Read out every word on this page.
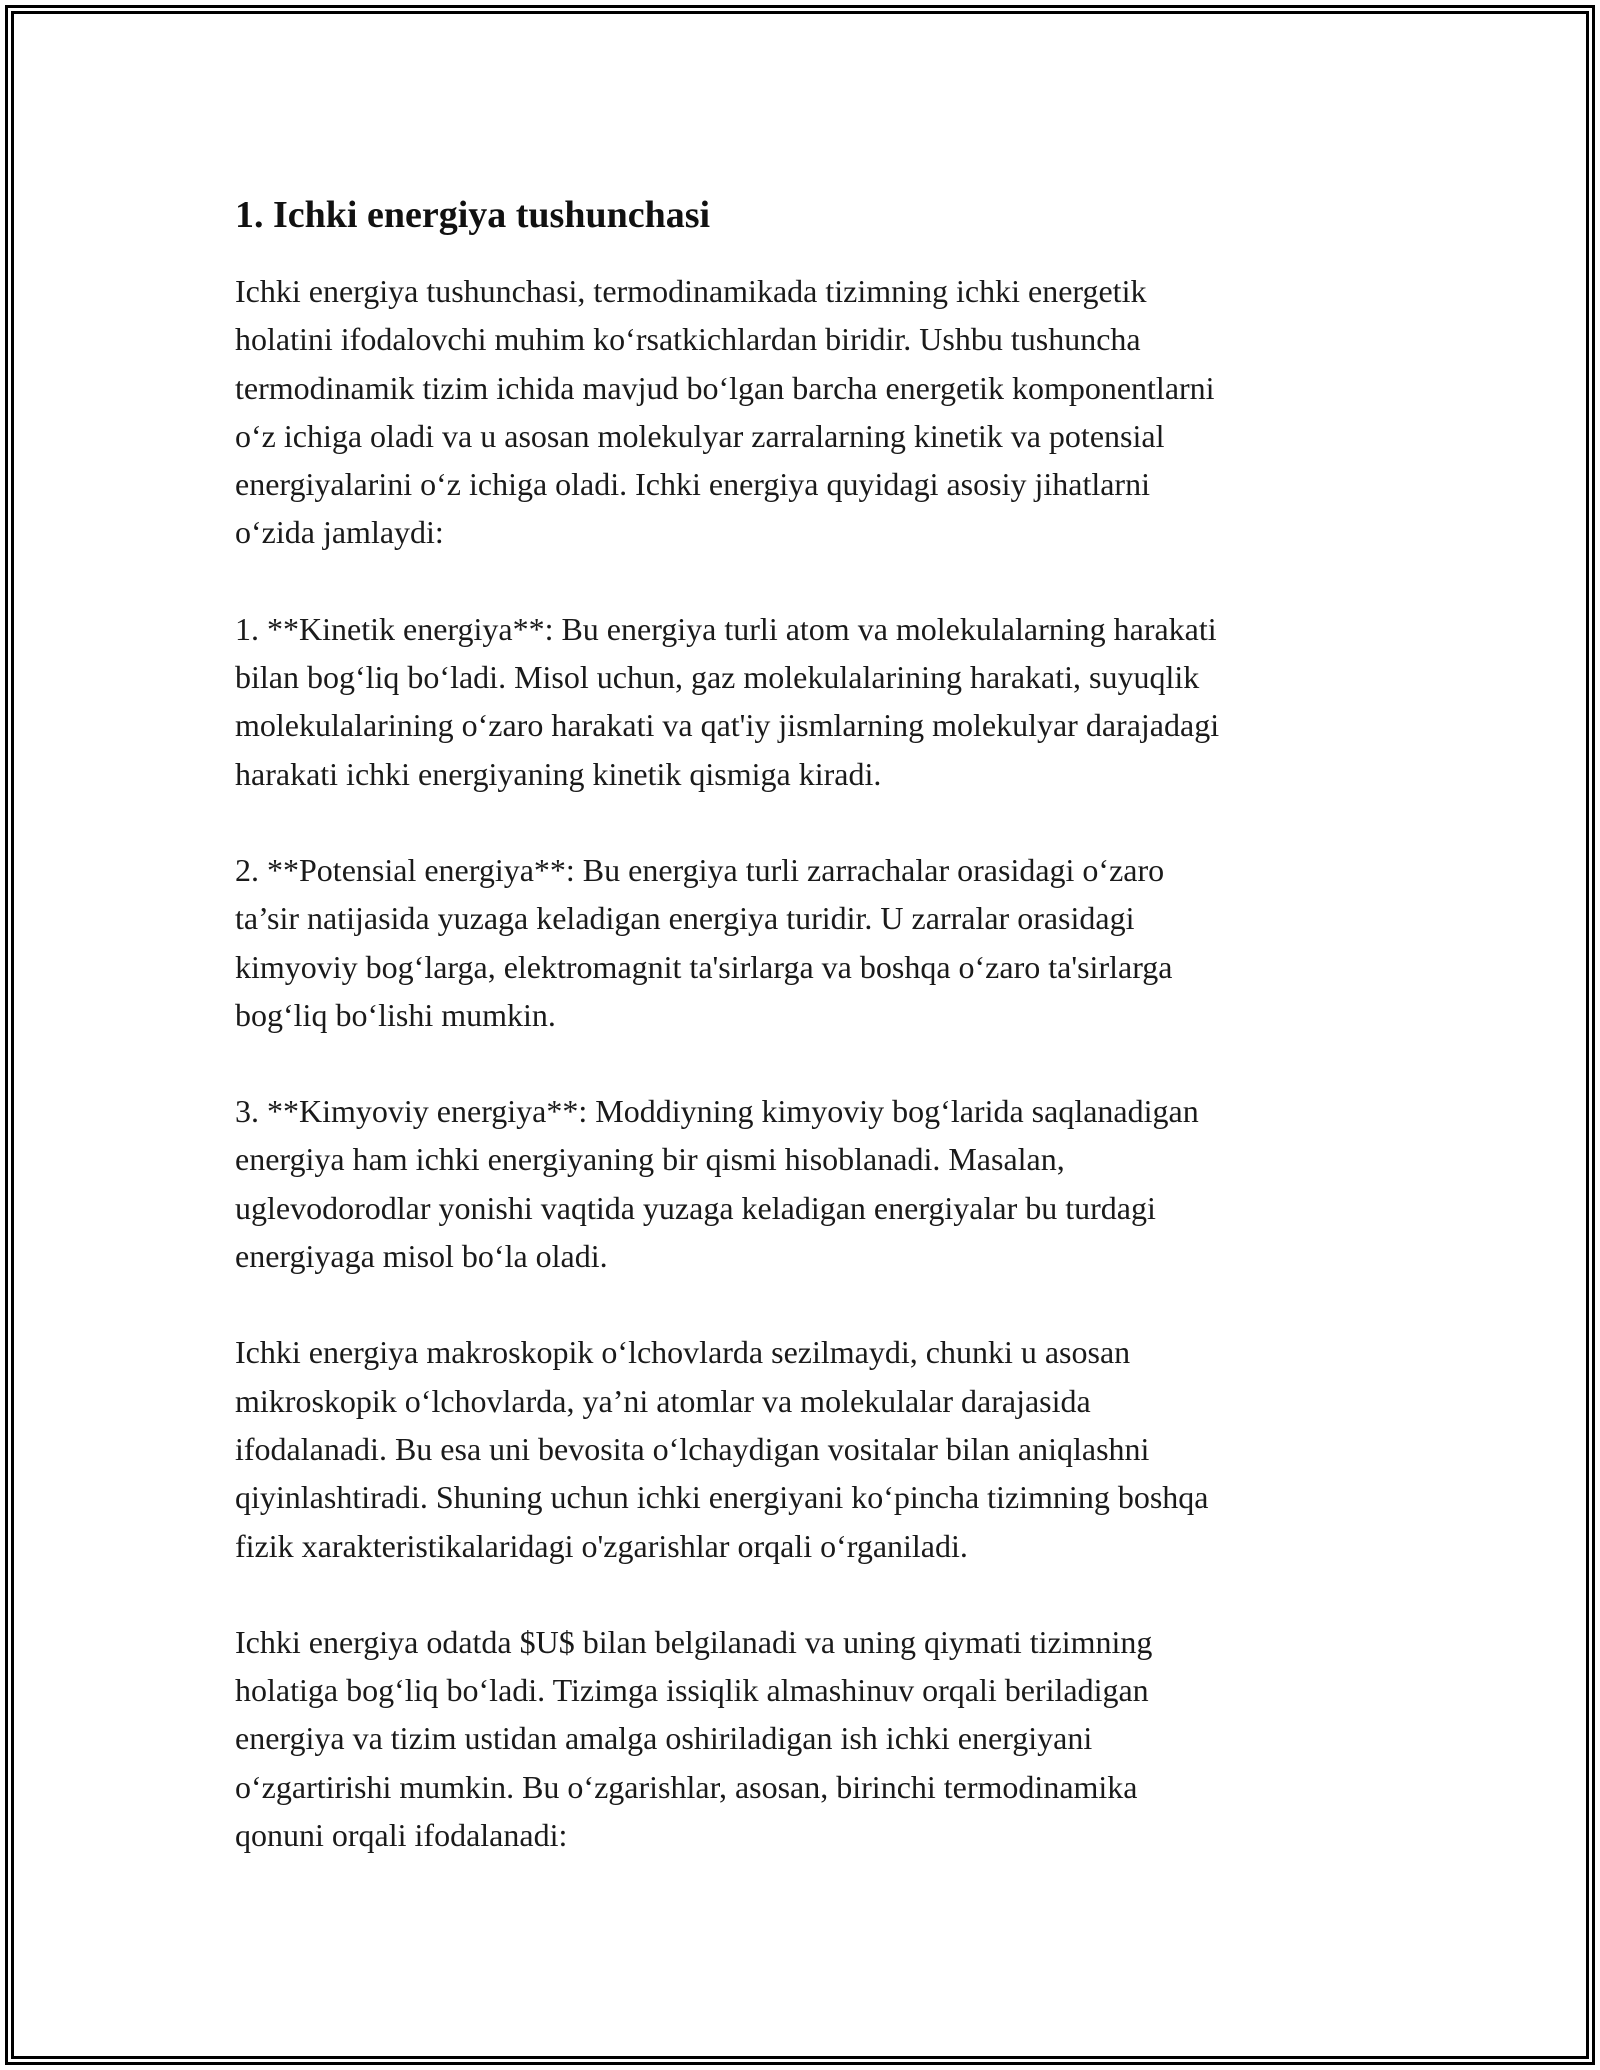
1. Ichki energiya tushunchasi

Ichki energiya tushunchasi, termodinamikada tizimning ichki energetik
holatini ifodalovchi muhim koʻrsatkichlardan biridir. Ushbu tushuncha
termodinamik tizim ichida mavjud boʻlgan barcha energetik komponentlarni
oʻz ichiga oladi va u asosan molekulyar zarralarning kinetik va potensial
energiyalarini oʻz ichiga oladi. Ichki energiya quyidagi asosiy jihatlarni
oʻzida jamlaydi:

1. **Kinetik energiya**: Bu energiya turli atom va molekulalarning harakati
bilan bogʻliq boʻladi. Misol uchun, gaz molekulalarining harakati, suyuqlik
molekulalarining oʻzaro harakati va qat'iy jismlarning molekulyar darajadagi
harakati ichki energiyaning kinetik qismiga kiradi.

2. **Potensial energiya**: Bu energiya turli zarrachalar orasidagi oʻzaro
ta’sir natijasida yuzaga keladigan energiya turidir. U zarralar orasidagi
kimyoviy bogʻlarga, elektromagnit ta'sirlarga va boshqa oʻzaro ta'sirlarga
bogʻliq boʻlishi mumkin.

3. **Kimyoviy energiya**: Moddiyning kimyoviy bogʻlarida saqlanadigan
energiya ham ichki energiyaning bir qismi hisoblanadi. Masalan,
uglevodorodlar yonishi vaqtida yuzaga keladigan energiyalar bu turdagi
energiyaga misol boʻla oladi.

Ichki energiya makroskopik oʻlchovlarda sezilmaydi, chunki u asosan
mikroskopik oʻlchovlarda, ya’ni atomlar va molekulalar darajasida
ifodalanadi. Bu esa uni bevosita oʻlchaydigan vositalar bilan aniqlashni
qiyinlashtiradi. Shuning uchun ichki energiyani koʻpincha tizimning boshqa
fizik xarakteristikalaridagi o'zgarishlar orqali oʻrganiladi.

Ichki energiya odatda $U$ bilan belgilanadi va uning qiymati tizimning
holatiga bogʻliq boʻladi. Tizimga issiqlik almashinuv orqali beriladigan
energiya va tizim ustidan amalga oshiriladigan ish ichki energiyani
oʻzgartirishi mumkin. Bu oʻzgarishlar, asosan, birinchi termodinamika
qonuni orqali ifodalanadi:
